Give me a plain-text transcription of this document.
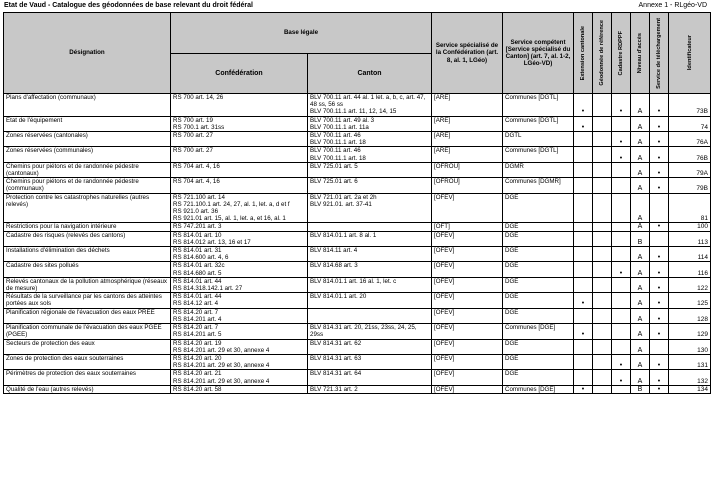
Etat de Vaud - Catalogue des géodonnées de base relevant du droit fédéral	Annexe 1 - RLgéo-VD
Désignation	Base légale		Service spécialisé de la Confédération (art. 8, al. 1, LGéo)	Service compétent [Service spécialisé du Canton] (art. 7, al. 1-2, LGéo-VD)	Extension cantonale	Géodonnée de référence	Cadastre RDPPF	Niveau d'accès	Service de téléchargement	Identificateur

	Confédération	Canton								
Plans d'affectation (communaux)	RS 700 art. 14, 26	BLV 700.11 art. 44 al. 1 let. a, b, c, art. 47, 48 ss, 56 ss
BLV 700.11.1 art. 11, 12, 14, 15	[ARE]	Communes [DGTL]	•		•	A	•	73B
Etat de l'équipement	RS 700 art. 19
RS 700.1 art. 31ss	BLV 700.11 art. 49 al. 3
BLV 700.11.1 art. 11a	[ARE]	Communes [DGTL]	•			A	•	74
Zones réservées (cantonales)	RS 700 art. 27	BLV 700.11 art. 46
BLV 700.11.1 art. 18	[ARE]	DGTL			•	A	•	76A
Zones réservées (communales)	RS 700 art. 27	BLV 700.11 art. 46
BLV 700.11.1 art. 18	[ARE]	Communes [DGTL]			•	A	•	76B
Chemins pour piétons et de randonnée pédestre (cantonaux)	RS 704 art. 4, 16	BLV 725.01 art. 5	[OFROU]	DGMR				A	•	79A
Chemins pour piétons et de randonnée pédestre (communaux)	RS 704 art. 4, 16	BLV 725.01 art. 6	[OFROU]	Communes [DGMR]				A	•	79B
Protection contre les catastrophes naturelles (autres relevés)	RS 721.100 art. 14
RS 721.100.1 art. 24, 27, al. 1, let. a, d et f
RS 921.0 art. 36
RS 921.01 art. 15, al. 1, let. a, et 16, al. 1	BLV 721.01 art. 2a et 2h
BLV 921.01. art. 37-41	[OFEV]	DGE				A		81
Restrictions pour la navigation intérieure	RS 747.201 art. 3		[OFT]	DGE				A	•	100
Cadastre des risques (relevés des cantons)	RS 814.01 art. 10
RS 814.012 art. 13, 16 et 17	BLV 814.01.1 art. 8 al. 1	[OFEV]	DGE				B		113
Installations d'élimination des déchets	RS 814.01 art. 31
RS 814.600 art. 4, 6	BLV 814.11 art. 4	[OFEV]	DGE				A	•	114
Cadastre des sites pollués	RS 814.01 art. 32c
RS 814.680 art. 5	BLV 814.68 art. 3	[OFEV]	DGE			•	A	•	116
Relevés cantonaux de la pollution atmosphérique (réseaux de mesure)	RS 814.01 art. 44
RS 814.318.142.1 art. 27	BLV 814.01.1 art. 16 al. 1, let. c	[OFEV]	DGE				A	•	122
Résultats de la surveillance par les cantons des atteintes portées aux sols	RS 814.01 art. 44
RS 814.12 art. 4	BLV 814.01.1 art. 20	[OFEV]	DGE	•			A	•	125
Planification régionale de l'évacuation des eaux PREE	RS 814.20 art. 7
RS 814.201 art. 4		[OFEV]	DGE				A	•	128
Planification communale de l'évacuation des eaux PGEE (PGEE)	RS 814.20 art. 7
RS 814.201 art. 5	BLV 814.31 art. 20, 21ss, 23ss, 24, 25, 29ss	[OFEV]	Communes [DGE]	•			A	•	129
Secteurs de protection des eaux	RS 814.20 art. 19
RS 814.201 art. 29 et 30, annexe 4	BLV 814.31 art. 62	[OFEV]	DGE				A		130
Zones de protection des eaux souterraines	RS 814.20 art. 20
RS 814.201 art. 29 et 30, annexe 4	BLV 814.31 art. 63	[OFEV]	DGE			•	A	•	131
Périmètres de protection des eaux souterraines	RS 814.20 art. 21
RS 814.201 art. 29 et 30, annexe 4	BLV 814.31 art. 64	[OFEV]	DGE			•	A	•	132
Qualité de l'eau (autres relevés)	RS 814.20 art. 58	BLV 721.31 art. 2	[OFEV]	Communes [DGE]	•			B	•	134
